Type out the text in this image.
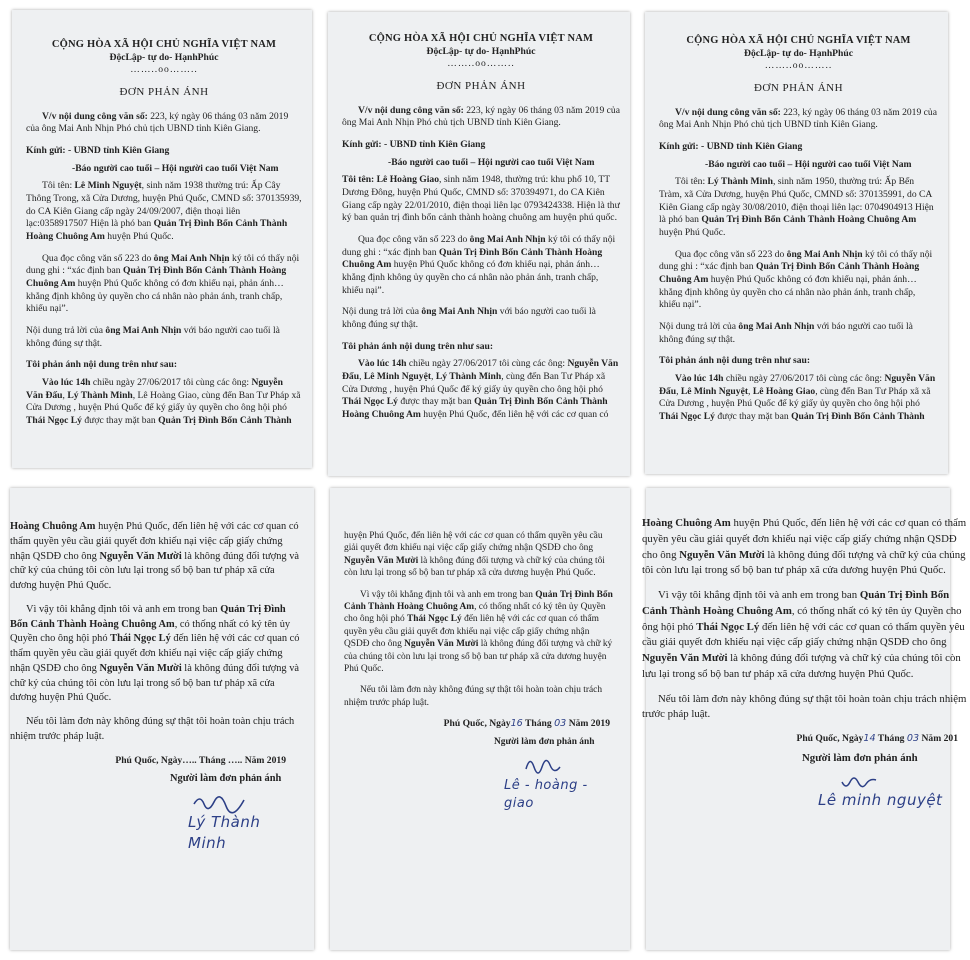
CỘNG HÒA XÃ HỘI CHỦ NGHĨA VIỆT NAM
ĐộcLập- tự do- HạnhPhúc
……..oo……..
ĐƠN PHẢN ÁNH

V/v nội dung công văn số: 223, ký ngày 06 tháng 03 năm 2019 của ông Mai Anh Nhịn Phó chủ tịch UBND tỉnh Kiên Giang.

Kính gửi: - UBND tỉnh Kiên Giang

-Báo người cao tuổi – Hội người cao tuổi Việt Nam

Tôi tên: Lê Minh Nguyệt, sinh năm 1938 thường trú: Ấp Cây Thông Trong, xã Cửa Dương, huyện Phú Quốc, CMND số: 370135939, do CA Kiên Giang cấp ngày 24/09/2007, điện thoại liên lạc:0358917507 Hiện là phó ban Quản Trị Đình Bổn Cảnh Thành Hoàng Chuông Am huyện Phú Quốc.

Qua đọc công văn số 223 do ông Mai Anh Nhịn ký tôi có thấy nội dung ghi : “xác định ban Quản Trị Đình Bổn Cảnh Thành Hoàng Chuông Am huyện Phú Quốc không có đơn khiếu nại, phản ánh… khẳng định không ủy quyền cho cá nhân nào phản ánh, tranh chấp, khiếu nại”.

Nội dung trả lời của ông Mai Anh Nhịn với báo người cao tuổi là không đúng sự thật.

Tôi phản ánh nội dung trên như sau:

Vào lúc 14h chiều ngày 27/06/2017 tôi cùng các ông: Nguyễn Văn Đấu, Lý Thành Minh, Lê Hoàng Giao, cùng đến Ban Tư Pháp xã Cửa Dương , huyện Phú Quốc để ký giấy ủy quyền cho ông hội phó Thái Ngọc Lý được thay mặt ban Quản Trị Đình Bổn Cảnh Thành

CỘNG HÒA XÃ HỘI CHỦ NGHĨA VIỆT NAM
ĐộcLập- tự do- HạnhPhúc
……..oo……..
ĐƠN PHẢN ÁNH

V/v nội dung công văn số: 223, ký ngày 06 tháng 03 năm 2019 của ông Mai Anh Nhịn Phó chủ tịch UBND tỉnh Kiên Giang.

Kính gửi: - UBND tỉnh Kiên Giang

-Báo người cao tuổi – Hội người cao tuổi Việt Nam

Tôi tên: Lê Hoàng Giao, sinh năm 1948, thường trú: khu phố 10, TT Dương Đông, huyện Phú Quốc, CMND số: 370394971, do CA Kiên Giang cấp ngày 22/01/2010, điện thoại liên lạc 0793424338. Hiện là thư ký ban quản trị đình bổn cảnh thành hoàng chuông am huyện phú quốc.

Qua đọc công văn số 223 do ông Mai Anh Nhịn ký tôi có thấy nội dung ghi : “xác định ban Quản Trị Đình Bổn Cảnh Thành Hoàng Chuông Am huyện Phú Quốc không có đơn khiếu nại, phản ánh… khẳng định không ủy quyền cho cá nhân nào phản ánh, tranh chấp, khiếu nại”.

Nội dung trả lời của ông Mai Anh Nhịn với báo người cao tuổi là không đúng sự thật.

Tôi phản ánh nội dung trên như sau:

Vào lúc 14h chiều ngày 27/06/2017 tôi cùng các ông: Nguyễn Văn Đấu, Lê Minh Nguyệt, Lý Thành Minh, cùng đến Ban Tư Pháp xã Cửa Dương , huyện Phú Quốc để ký giấy ủy quyền cho ông hội phó Thái Ngọc Lý được thay mặt ban Quản Trị Đình Bổn Cảnh Thành Hoàng Chuông Am huyện Phú Quốc, đến liên hệ với các cơ quan có

CỘNG HÒA XÃ HỘI CHỦ NGHĨA VIỆT NAM
ĐộcLập- tự do- HạnhPhúc
……..oo……..
ĐƠN PHẢN ÁNH

V/v nội dung công văn số: 223, ký ngày 06 tháng 03 năm 2019 của ông Mai Anh Nhịn Phó chủ tịch UBND tỉnh Kiên Giang.

Kính gửi: - UBND tỉnh Kiên Giang

-Báo người cao tuổi – Hội người cao tuổi Việt Nam

Tôi tên: Lý Thành Minh, sinh năm 1950, thường trú: Ấp Bến Tràm, xã Cửa Dương, huyện Phú Quốc, CMND số: 370135991, do CA Kiên Giang cấp ngày 30/08/2010, điện thoại liên lạc: 0704904913 Hiện là phó ban Quản Trị Đình Bổn Cảnh Thành Hoàng Chuông Am huyện Phú Quốc.

Qua đọc công văn số 223 do ông Mai Anh Nhịn ký tôi có thấy nội dung ghi : “xác định ban Quản Trị Đình Bổn Cảnh Thành Hoàng Chuông Am huyện Phú Quốc không có đơn khiếu nại, phản ánh… khẳng định không ủy quyền cho cá nhân nào phản ánh, tranh chấp, khiếu nại”.

Nội dung trả lời của ông Mai Anh Nhịn với báo người cao tuổi là không đúng sự thật.

Tôi phản ánh nội dung trên như sau:

Vào lúc 14h chiều ngày 27/06/2017 tôi cùng các ông: Nguyễn Văn Đấu, Lê Minh Nguyệt, Lê Hoàng Giao, cùng đến Ban Tư Pháp xã xã Cửa Dương , huyện Phú Quốc để ký giấy ủy quyền cho ông hội phó Thái Ngọc Lý được thay mặt ban Quản Trị Đình Bổn Cảnh Thành

Hoàng Chuông Am huyện Phú Quốc, đến liên hệ với các cơ quan có thẩm quyền yêu cầu giải quyết đơn khiếu nại việc cấp giấy chứng nhận QSDĐ cho ông Nguyễn Văn Mười là không đúng đối tượng và chữ ký của chúng tôi còn lưu lại trong sổ bộ ban tư pháp xã cửa dương huyện Phú Quốc.

Vì vậy tôi khẳng định tôi và anh em trong ban Quản Trị Đình Bổn Cảnh Thành Hoàng Chuông Am, có thống nhất có ký tên ủy Quyền cho ông hội phó Thái Ngọc Lý đến liên hệ với các cơ quan có thẩm quyền yêu cầu giải quyết đơn khiếu nại việc cấp giấy chứng nhận QSDĐ cho ông Nguyễn Văn Mười là không đúng đối tượng và chữ ký của chúng tôi còn lưu lại trong sổ bộ ban tư pháp xã cửa dương huyện Phú Quốc.

Nếu tôi làm đơn này không đúng sự thật tôi hoàn toàn chịu trách nhiệm trước pháp luật.

Phú Quốc, Ngày….. Tháng ….. Năm 2019

Người làm đơn phản ánh

Lý Thành Minh

huyện Phú Quốc, đến liên hệ với các cơ quan có thẩm quyền yêu cầu giải quyết đơn khiếu nại việc cấp giấy chứng nhận QSDĐ cho ông Nguyễn Văn Mười là không đúng đối tượng và chữ ký của chúng tôi còn lưu lại trong sổ bộ ban tư pháp xã cửa dương huyện Phú Quốc.

Vì vậy tôi khẳng định tôi và anh em trong ban Quản Trị Đình Bổn Cảnh Thành Hoàng Chuông Am, có thống nhất có ký tên ủy Quyền cho ông hội phó Thái Ngọc Lý đến liên hệ với các cơ quan có thẩm quyền yêu cầu giải quyết đơn khiếu nại việc cấp giấy chứng nhận QSDĐ cho ông Nguyễn Văn Mười là không đúng đối tượng và chữ ký của chúng tôi còn lưu lại trong sổ bộ ban tư pháp xã cửa dương huyện Phú Quốc.

Nếu tôi làm đơn này không đúng sự thật tôi hoàn toàn chịu trách nhiệm trước pháp luật.

Phú Quốc, Ngày16 Tháng 03 Năm 2019

Người làm đơn phản ánh

Lê - hoàng - giao

Hoàng Chuông Am huyện Phú Quốc, đến liên hệ với các cơ quan có thẩm quyền yêu cầu giải quyết đơn khiếu nại việc cấp giấy chứng nhận QSDĐ cho ông Nguyễn Văn Mười là không đúng đối tượng và chữ ký của chúng tôi còn lưu lại trong sổ bộ ban tư pháp xã cửa dương huyện Phú Quốc.

Vì vậy tôi khẳng định tôi và anh em trong ban Quản Trị Đình Bổn Cảnh Thành Hoàng Chuông Am, có thống nhất có ký tên ủy Quyền cho ông hội phó Thái Ngọc Lý đến liên hệ với các cơ quan có thẩm quyền yêu cầu giải quyết đơn khiếu nại việc cấp giấy chứng nhận QSDĐ cho ông Nguyễn Văn Mười là không đúng đối tượng và chữ ký của chúng tôi còn lưu lại trong sổ bộ ban tư pháp xã cửa dương huyện Phú Quốc.

Nếu tôi làm đơn này không đúng sự thật tôi hoàn toàn chịu trách nhiệm trước pháp luật.

Phú Quốc, Ngày14 Tháng 03 Năm 201

Người làm đơn phản ánh

Lê minh nguyệt
